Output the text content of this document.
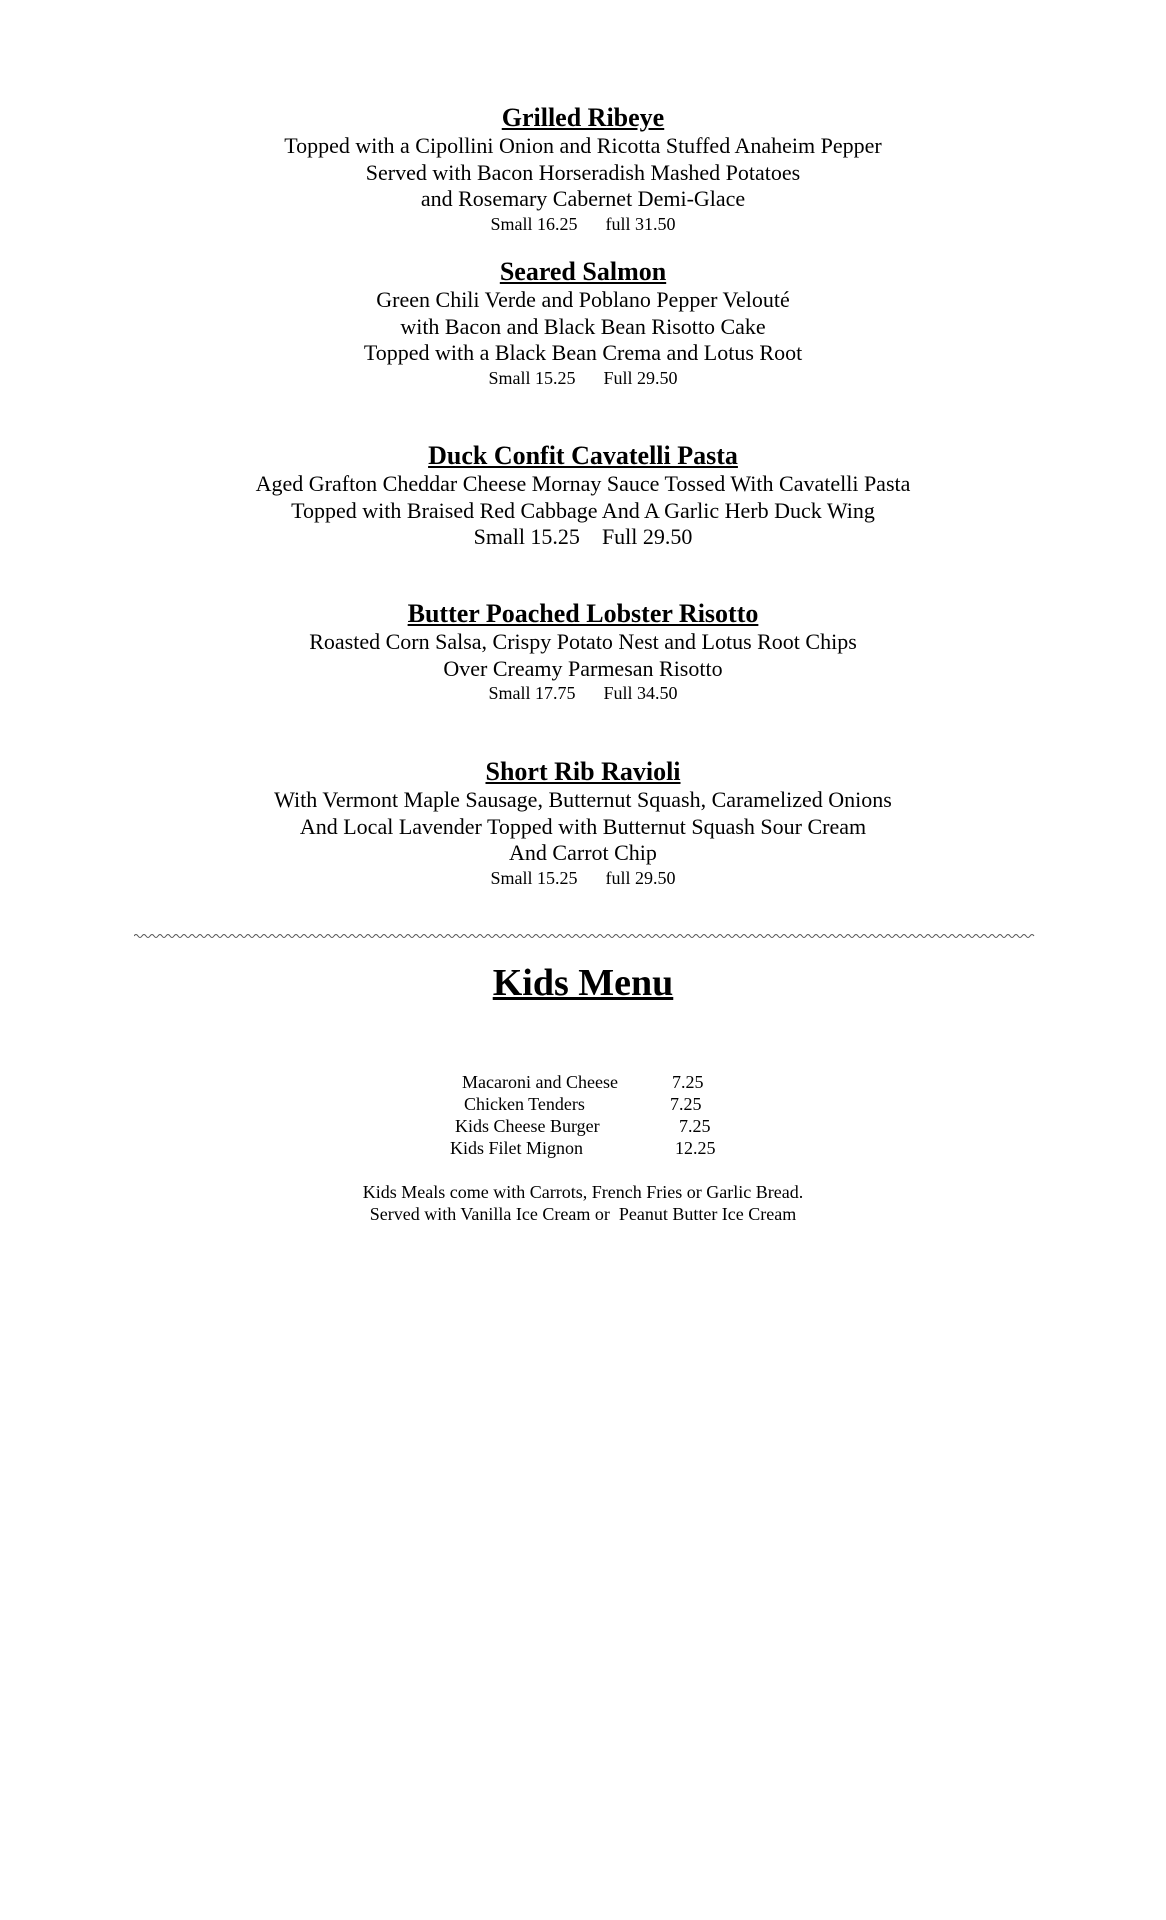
Grilled Ribeye

Topped with a Cipollini Onion and Ricotta Stuffed Anaheim Pepper

Served with Bacon Horseradish Mashed Potatoes

and Rosemary Cabernet Demi-Glace

Small 16.25 full 31.50

Seared Salmon

Green Chili Verde and Poblano Pepper Velouté

with Bacon and Black Bean Risotto Cake

Topped with a Black Bean Crema and Lotus Root

Small 15.25 Full 29.50

Duck Confit Cavatelli Pasta

Aged Grafton Cheddar Cheese Mornay Sauce Tossed With Cavatelli Pasta

Topped with Braised Red Cabbage And A Garlic Herb Duck Wing

Small 15.25 Full 29.50

Butter Poached Lobster Risotto

Roasted Corn Salsa, Crispy Potato Nest and Lotus Root Chips

Over Creamy Parmesan Risotto

Small 17.75 Full 34.50

Short Rib Ravioli

With Vermont Maple Sausage, Butternut Squash, Caramelized Onions

And Local Lavender Topped with Butternut Squash Sour Cream

And Carrot Chip

Small 15.25 full 29.50

Kids Menu
Macaroni and Cheese	7.25
Chicken Tenders	7.25
Kids Cheese Burger	7.25
Kids Filet Mignon	12.25

Kids Meals come with Carrots, French Fries or Garlic Bread.

Served with Vanilla Ice Cream or  Peanut Butter Ice Cream
